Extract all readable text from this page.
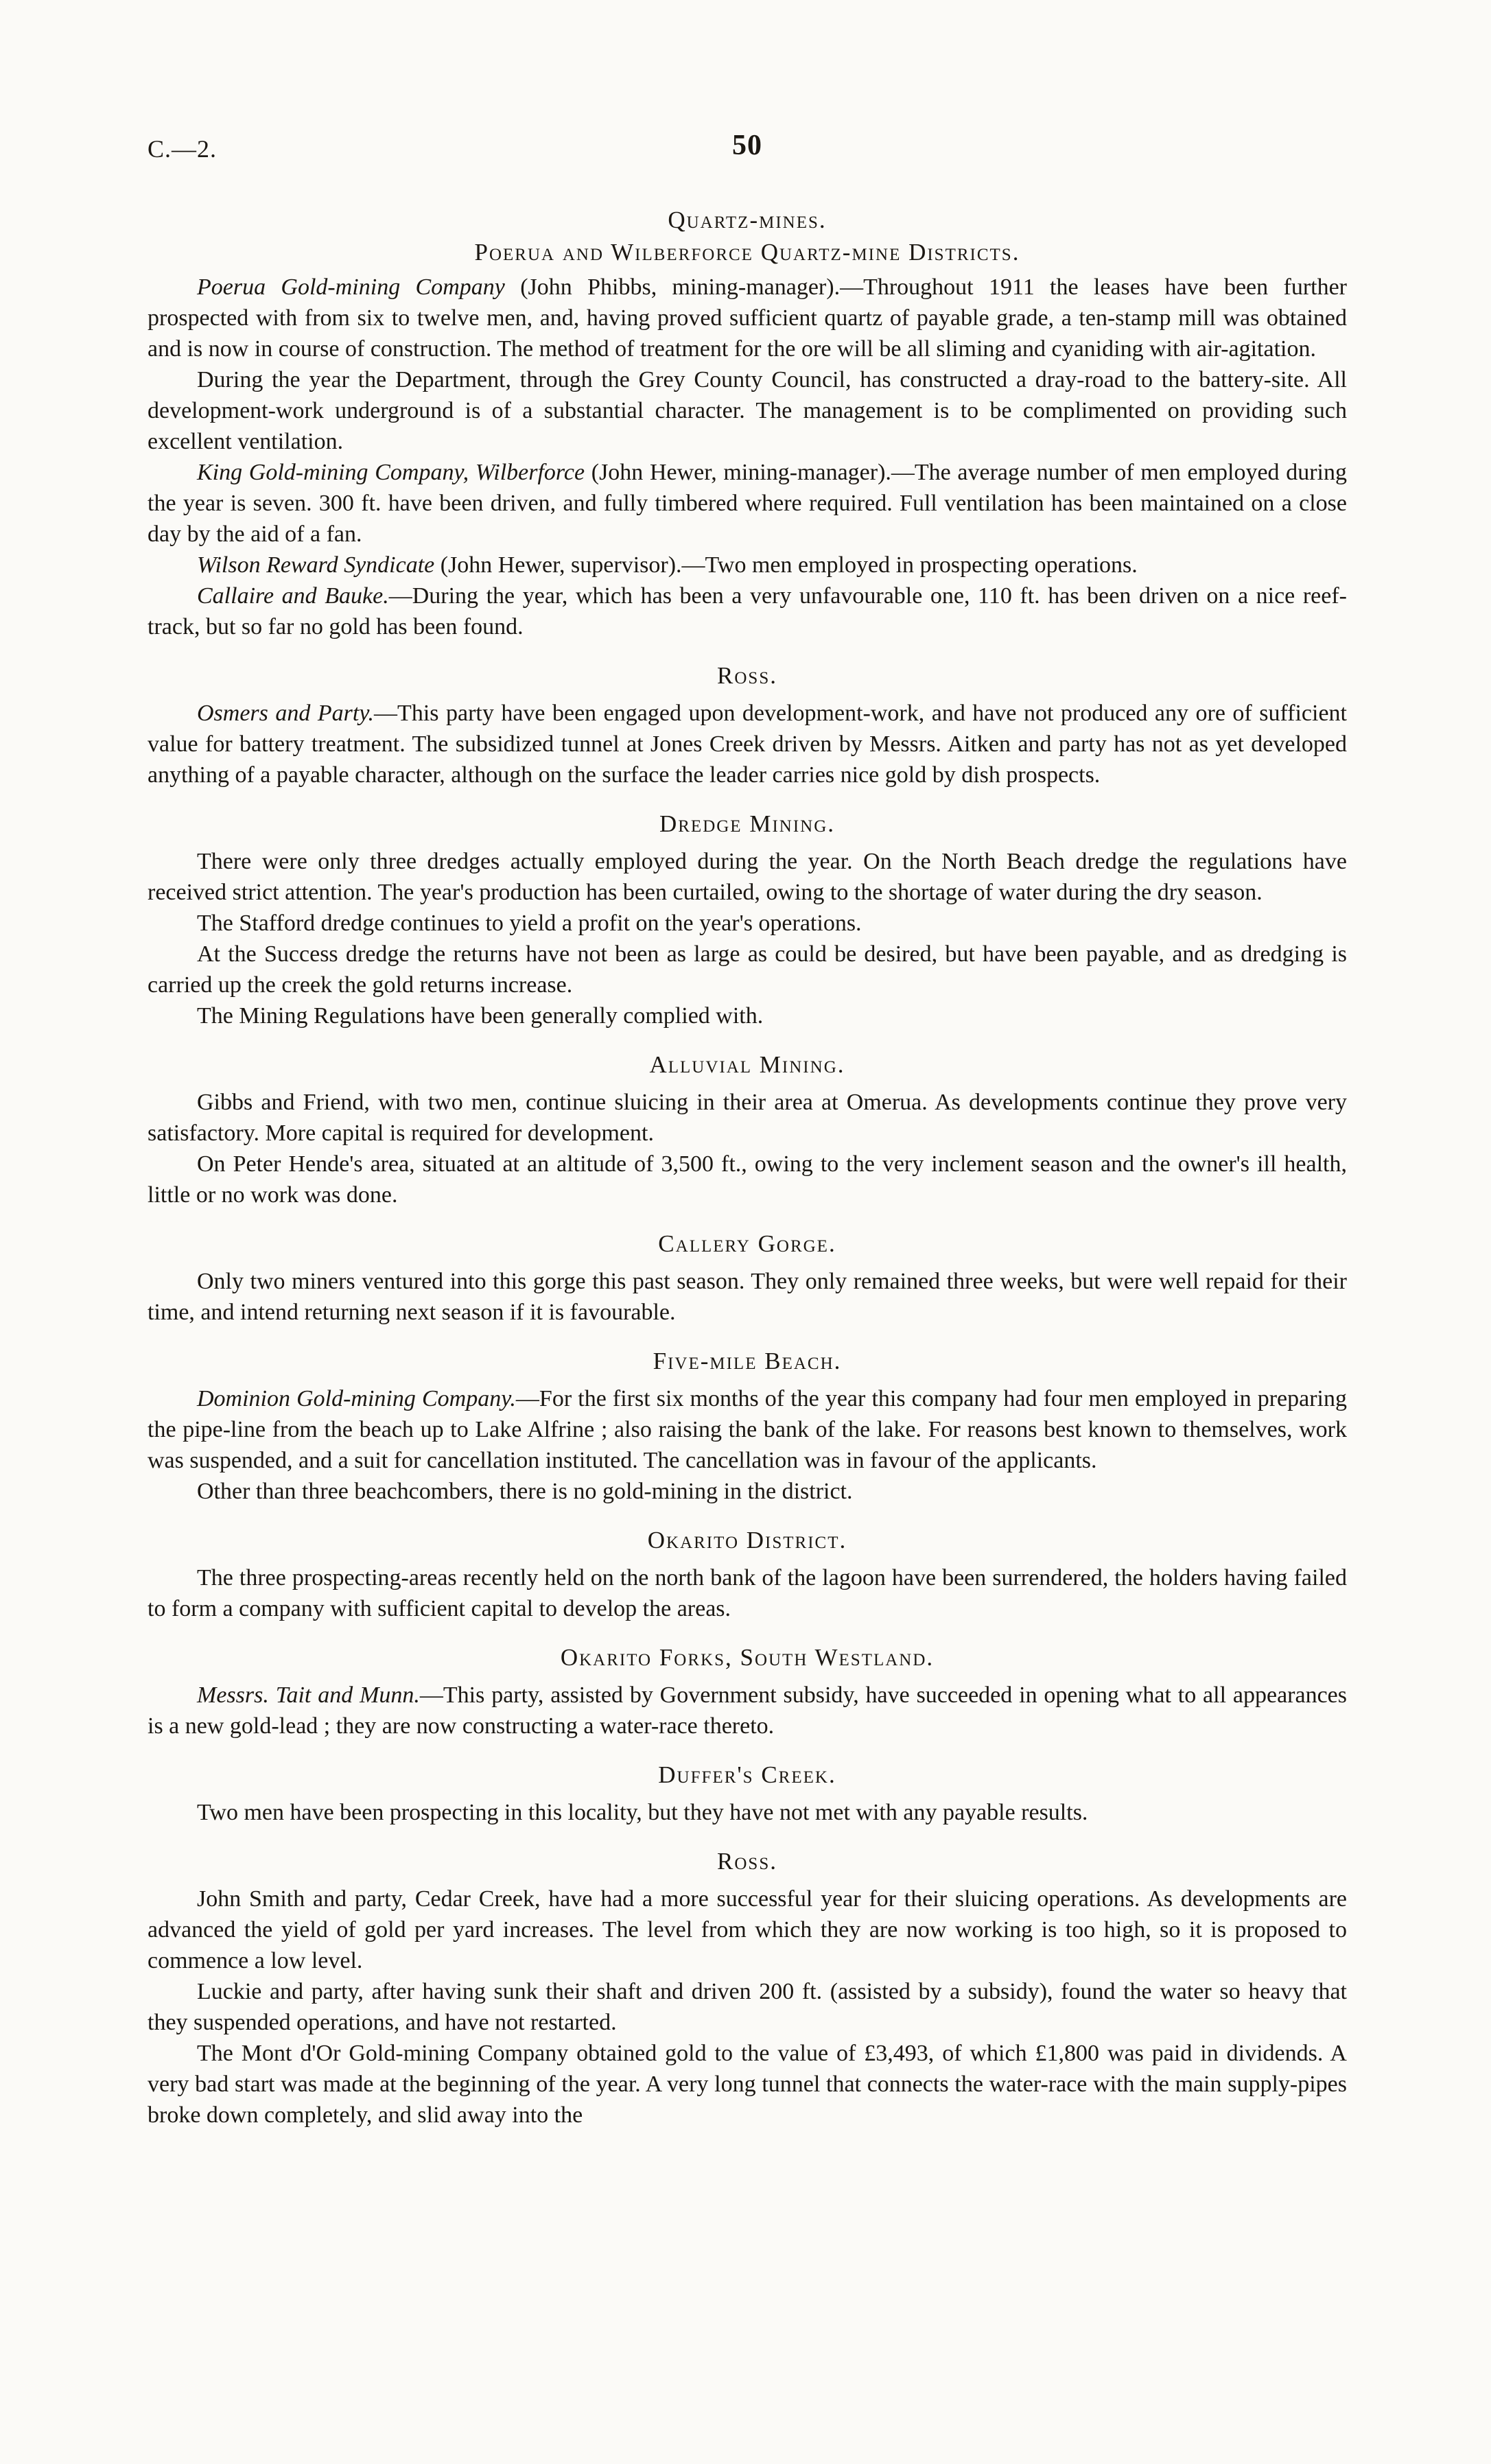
C.—2.	50
Quartz-mines.
Poerua and Wilberforce Quartz-mine Districts.

Poerua Gold-mining Company (John Phibbs, mining-manager).—Throughout 1911 the leases have been further prospected with from six to twelve men, and, having proved sufficient quartz of payable grade, a ten-stamp mill was obtained and is now in course of construction. The method of treatment for the ore will be all sliming and cyaniding with air-agitation.

During the year the Department, through the Grey County Council, has constructed a dray-road to the battery-site. All development-work underground is of a substantial character. The management is to be complimented on providing such excellent ventilation.

King Gold-mining Company, Wilberforce (John Hewer, mining-manager).—The average number of men employed during the year is seven. 300 ft. have been driven, and fully timbered where required. Full ventilation has been maintained on a close day by the aid of a fan.

Wilson Reward Syndicate (John Hewer, supervisor).—Two men employed in prospecting operations.

Callaire and Bauke.—During the year, which has been a very unfavourable one, 110 ft. has been driven on a nice reef-track, but so far no gold has been found.

Ross.

Osmers and Party.—This party have been engaged upon development-work, and have not produced any ore of sufficient value for battery treatment. The subsidized tunnel at Jones Creek driven by Messrs. Aitken and party has not as yet developed anything of a payable character, although on the surface the leader carries nice gold by dish prospects.

Dredge Mining.

There were only three dredges actually employed during the year. On the North Beach dredge the regulations have received strict attention. The year's production has been curtailed, owing to the shortage of water during the dry season.

The Stafford dredge continues to yield a profit on the year's operations.

At the Success dredge the returns have not been as large as could be desired, but have been payable, and as dredging is carried up the creek the gold returns increase.

The Mining Regulations have been generally complied with.

Alluvial Mining.

Gibbs and Friend, with two men, continue sluicing in their area at Omerua. As developments continue they prove very satisfactory. More capital is required for development.

On Peter Hende's area, situated at an altitude of 3,500 ft., owing to the very inclement season and the owner's ill health, little or no work was done.

Callery Gorge.

Only two miners ventured into this gorge this past season. They only remained three weeks, but were well repaid for their time, and intend returning next season if it is favourable.

Five-mile Beach.

Dominion Gold-mining Company.—For the first six months of the year this company had four men employed in preparing the pipe-line from the beach up to Lake Alfrine ; also raising the bank of the lake. For reasons best known to themselves, work was suspended, and a suit for cancellation instituted. The cancellation was in favour of the applicants.

Other than three beachcombers, there is no gold-mining in the district.

Okarito District.

The three prospecting-areas recently held on the north bank of the lagoon have been surrendered, the holders having failed to form a company with sufficient capital to develop the areas.

Okarito Forks, South Westland.

Messrs. Tait and Munn.—This party, assisted by Government subsidy, have succeeded in opening what to all appearances is a new gold-lead ; they are now constructing a water-race thereto.

Duffer's Creek.

Two men have been prospecting in this locality, but they have not met with any payable results.

Ross.

John Smith and party, Cedar Creek, have had a more successful year for their sluicing operations. As developments are advanced the yield of gold per yard increases. The level from which they are now working is too high, so it is proposed to commence a low level.

Luckie and party, after having sunk their shaft and driven 200 ft. (assisted by a subsidy), found the water so heavy that they suspended operations, and have not restarted.

The Mont d'Or Gold-mining Company obtained gold to the value of £3,493, of which £1,800 was paid in dividends. A very bad start was made at the beginning of the year. A very long tunnel that connects the water-race with the main supply-pipes broke down completely, and slid away into the
